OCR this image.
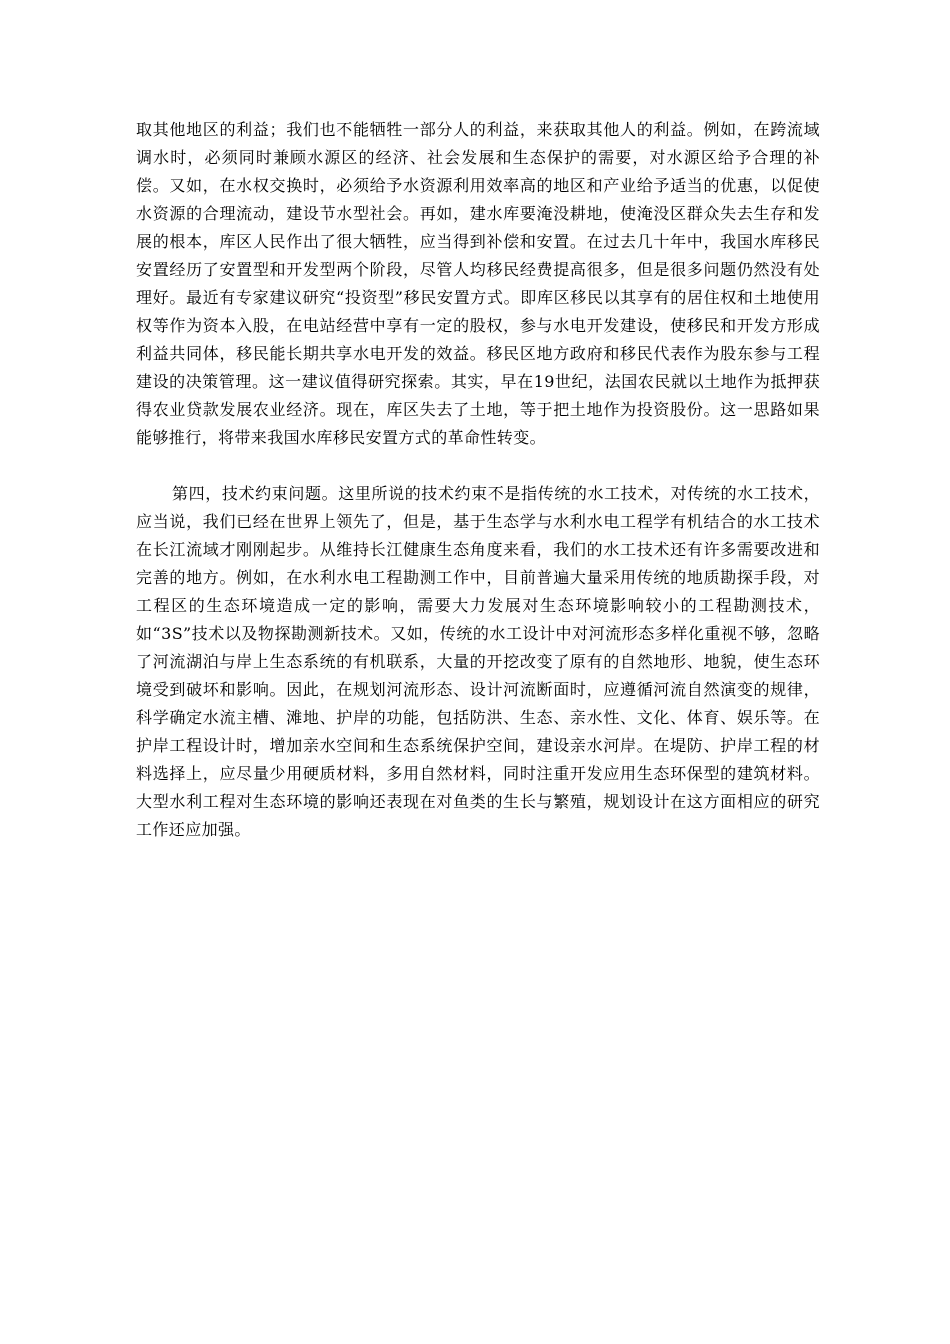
取其他地区的利益；我们也不能牺牲一部分人的利益，来获取其他人的利益。例如，在跨流域调水时，必须同时兼顾水源区的经济、社会发展和生态保护的需要，对水源区给予合理的补偿。又如，在水权交换时，必须给予水资源利用效率高的地区和产业给予适当的优惠，以促使水资源的合理流动，建设节水型社会。再如，建水库要淹没耕地，使淹没区群众失去生存和发展的根本，库区人民作出了很大牺牲，应当得到补偿和安置。在过去几十年中，我国水库移民安置经历了安置型和开发型两个阶段，尽管人均移民经费提高很多，但是很多问题仍然没有处理好。最近有专家建议研究“投资型”移民安置方式。即库区移民以其享有的居住权和土地使用权等作为资本入股，在电站经营中享有一定的股权，参与水电开发建设，使移民和开发方形成利益共同体，移民能长期共享水电开发的效益。移民区地方政府和移民代表作为股东参与工程建设的决策管理。这一建议值得研究探索。其实，早在19世纪，法国农民就以土地作为抵押获得农业贷款发展农业经济。现在，库区失去了土地，等于把土地作为投资股份。这一思路如果能够推行，将带来我国水库移民安置方式的革命性转变。

第四，技术约束问题。这里所说的技术约束不是指传统的水工技术，对传统的水工技术，应当说，我们已经在世界上领先了，但是，基于生态学与水利水电工程学有机结合的水工技术在长江流域才刚刚起步。从维持长江健康生态角度来看，我们的水工技术还有许多需要改进和完善的地方。例如，在水利水电工程勘测工作中，目前普遍大量采用传统的地质勘探手段，对工程区的生态环境造成一定的影响，需要大力发展对生态环境影响较小的工程勘测技术，如“3S”技术以及物探勘测新技术。又如，传统的水工设计中对河流形态多样化重视不够，忽略了河流湖泊与岸上生态系统的有机联系，大量的开挖改变了原有的自然地形、地貌，使生态环境受到破坏和影响。因此，在规划河流形态、设计河流断面时，应遵循河流自然演变的规律，科学确定水流主槽、滩地、护岸的功能，包括防洪、生态、亲水性、文化、体育、娱乐等。在护岸工程设计时，增加亲水空间和生态系统保护空间，建设亲水河岸。在堤防、护岸工程的材料选择上，应尽量少用硬质材料，多用自然材料，同时注重开发应用生态环保型的建筑材料。大型水利工程对生态环境的影响还表现在对鱼类的生长与繁殖，规划设计在这方面相应的研究工作还应加强。
